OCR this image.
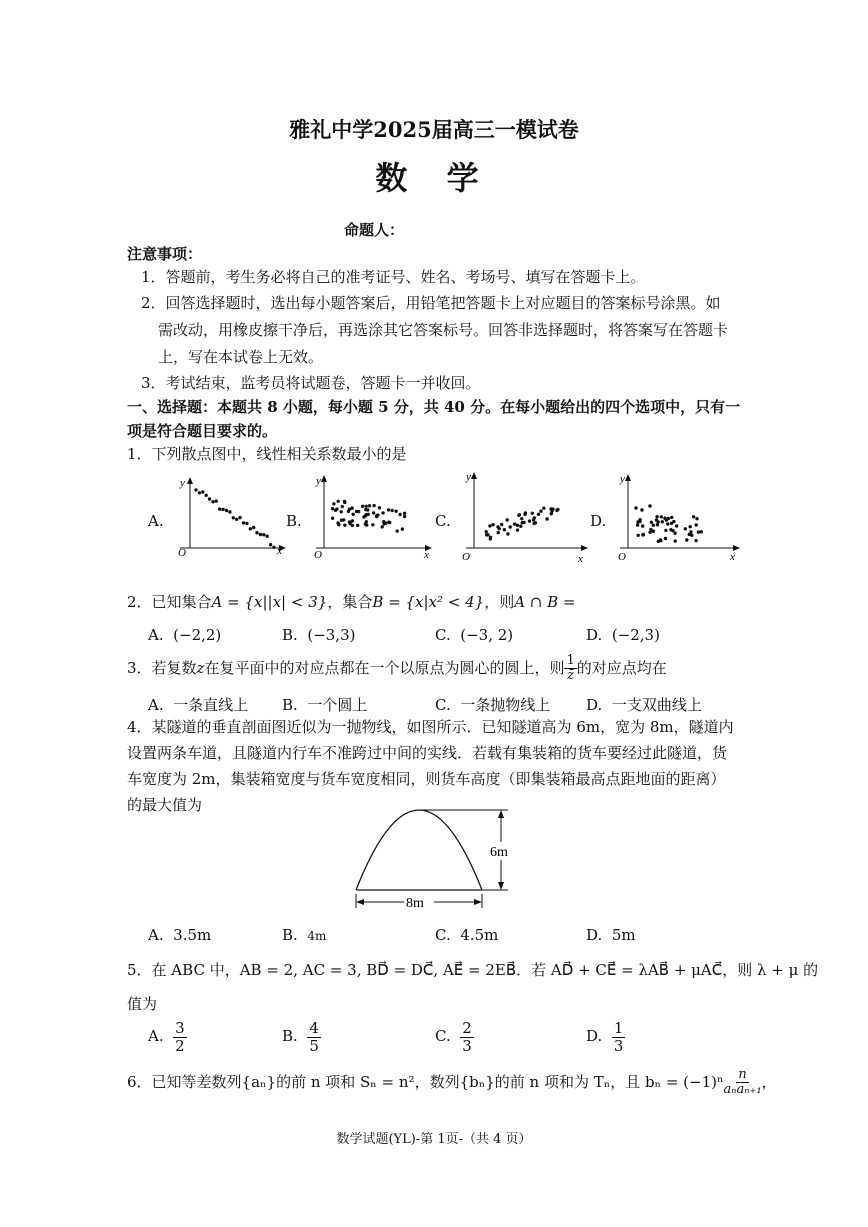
雅礼中学2025届高三一模试卷
数 学
命题人：
注意事项：
1．答题前，考生务必将自己的准考证号、姓名、考场号、填写在答题卡上。
2．回答选择题时，选出每小题答案后，用铅笔把答题卡上对应题目的答案标号涂黑。如
需改动，用橡皮擦干净后，再选涂其它答案标号。回答非选择题时，将答案写在答题卡
上，写在本试卷上无效。
3．考试结束，监考员将试题卷，答题卡一并收回。
一、选择题：本题共 8 小题，每小题 5 分，共 40 分。在每小题给出的四个选项中，只有一
项是符合题目要求的。
1．下列散点图中，线性相关系数最小的是
A.
y
x
O
B.
y
x
O
C.
y
x
O
D.
y
x
O
2．已知集合A = {x||x| < 3}，集合B = {x|x² < 4}，则A ∩ B =
A. (−2,2)	B. (−3,3)	C. (−3, 2)	D. (−2,3)
3．若复数z在复平面中的对应点都在一个以原点为圆心的圆上，则 $\frac{1}{z̄}$ 的对应点均在
A. 一条直线上 B. 一个圆上	C. 一条抛物线上 D. 一支双曲线上
4．某隧道的垂直剖面图近似为一抛物线，如图所示．已知隧道高为 6m，宽为 8m，隧道内
设置两条车道，且隧道内行车不准跨过中间的实线．若载有集装箱的货车要经过此隧道，货
车宽度为 2m，集装箱宽度与货车宽度相同，则货车高度（即集装箱最高点距地面的距离）
的最大值为
6m
8m
A. 3.5m	B. 4m	C. 4.5m	D. 5m
5．在 ABC 中，AB = 2, AC = 3, BD⃗ = DC⃗, AE⃗ = 2EB⃗．若 AD⃗ + CE⃗ = λAB⃗ + μAC⃗，则 λ + μ 的
值为
A. $\frac{3}{2}$	B. $\frac{4}{5}$	C. $\frac{2}{3}$	D. $\frac{1}{3}$
6．已知等差数列{aₙ}的前 n 项和 Sₙ = n²，数列{bₙ}的前 n 项和为 Tₙ，且 $b_n = (-1)^n \frac{n}{\text{aₙaₙ₊₁}}$ ，
数学试题(YL)-第 1页-（共 4 页）
